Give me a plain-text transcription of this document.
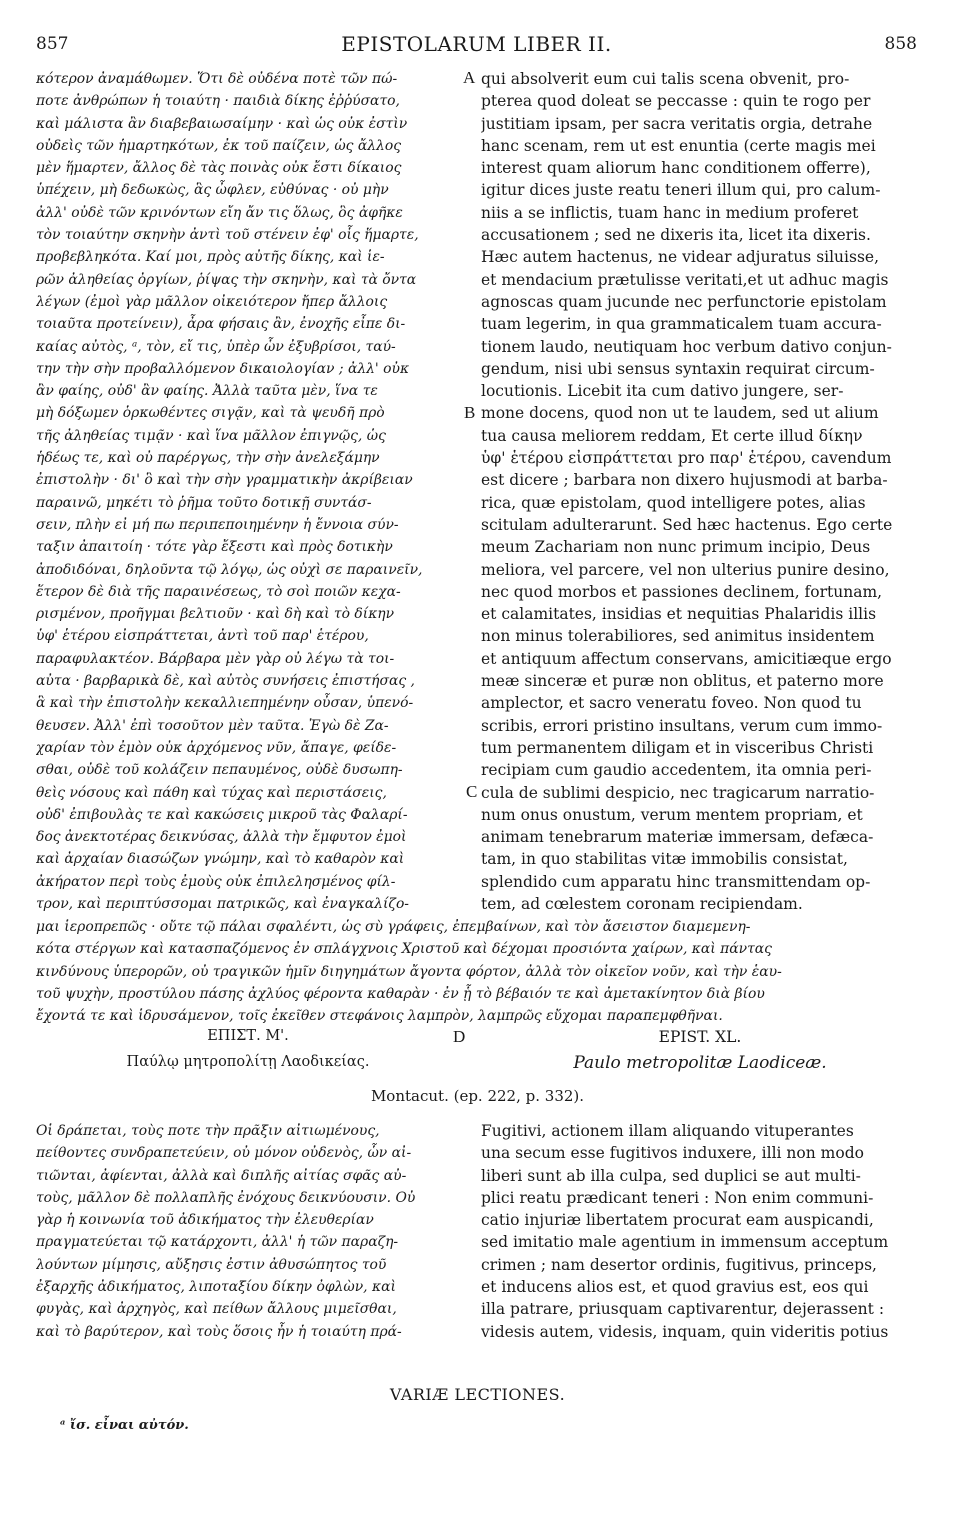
857	EPISTOLARUM LIBER II.	858
κότερον ἀναμάθωμεν. Ὅτι δὲ οὐδένα ποτὲ τῶν πώ-
ποτε ἀνθρώπων ἡ τοιαύτη · παιδιὰ δίκης ἐῤῥύσατο,
καὶ μάλιστα ἂν διαβεβαιωσαίμην · καὶ ὡς οὐκ ἐστὶν
οὐδεὶς τῶν ἡμαρτηκότων, ἐκ τοῦ παίζειν, ὡς ἄλλος
μὲν ἥμαρτεν, ἄλλος δὲ τὰς ποινὰς οὐκ ἔστι δίκαιος
ὑπέχειν, μὴ δεδωκὼς, ἃς ὦφλεν, εὐθύνας · οὐ μὴν
ἀλλ' οὐδὲ τῶν κρινόντων εἴη ἄν τις ὅλως, ὃς ἀφῆκε
τὸν τοιαύτην σκηνὴν ἀντὶ τοῦ στένειν ἐφ' οἷς ἥμαρτε,
προβεβληκότα. Καί μοι, πρὸς αὐτῆς δίκης, καὶ ἱε-
ρῶν ἀληθείας ὀργίων, ῥίψας τὴν σκηνὴν, καὶ τὰ ὄντα
λέγων (ἐμοὶ γὰρ μᾶλλον οἰκειότερον ἤπερ ἄλλοις
τοιαῦτα προτείνειν), ἆρα φήσαις ἂν, ἐνοχῆς εἶπε δι-
καίας αὐτὸς, ᵃ, τὸν, εἴ τις, ὑπὲρ ὧν ἐξυβρίσοι, ταύ-
την τὴν σὴν προβαλλόμενον δικαιολογίαν ; ἀλλ' οὐκ
ἂν φαίης, οὐδ' ἂν φαίης. Ἀλλὰ ταῦτα μὲν, ἵνα τε
μὴ δόξωμεν ὁρκωθέντες σιγᾷν, καὶ τὰ ψευδῆ πρὸ
τῆς ἀληθείας τιμᾷν · καὶ ἵνα μᾶλλον ἐπιγνῷς, ὡς
ἡδέως τε, καὶ οὐ παρέργως, τὴν σὴν ἀνελεξάμην
ἐπιστολὴν · δι' ὃ καὶ τὴν σὴν γραμματικὴν ἀκρίβειαν
παραινῶ, μηκέτι τὸ ῥῆμα τοῦτο δοτικῇ συντάσ-
σειν, πλὴν εἰ μή πω περιπεποιημένην ἡ ἔννοια σύν-
ταξιν ἀπαιτοίη · τότε γὰρ ἔξεστι καὶ πρὸς δοτικὴν
ἀποδιδόναι, δηλοῦντα τῷ λόγῳ, ὡς οὐχὶ σε παραινεῖν,
ἕτερον δὲ διὰ τῆς παραινέσεως, τὸ σοὶ ποιῶν κεχα-
ρισμένον, προῆγμαι βελτιοῦν · καὶ δὴ καὶ τὸ δίκην
ὑφ' ἑτέρου εἰσπράττεται, ἀντὶ τοῦ παρ' ἑτέρου,
παραφυλακτέον. Βάρβαρα μὲν γὰρ οὐ λέγω τὰ τοι-
αὐτα · βαρβαρικὰ δὲ, καὶ αὐτὸς συνήσεις ἐπιστήσας ,
ἃ καὶ τὴν ἐπιστολὴν κεκαλλιεπημένην οὖσαν, ὑπενό-
θευσεν. Ἀλλ' ἐπὶ τοσοῦτον μὲν ταῦτα. Ἐγὼ δὲ Ζα-
χαρίαν τὸν ἐμὸν οὐκ ἀρχόμενος νῦν, ἄπαγε, φείδε-
σθαι, οὐδὲ τοῦ κολάζειν πεπαυμένος, οὐδὲ δυσωπη-
θεὶς νόσους καὶ πάθη καὶ τύχας καὶ περιστάσεις,
οὐδ' ἐπιβουλὰς τε καὶ κακώσεις μικροῦ τὰς Φαλαρί-
δος ἀνεκτοτέρας δεικνύσας, ἀλλὰ τὴν ἔμφυτον ἐμοὶ
καὶ ἀρχαίαν διασώζων γνώμην, καὶ τὸ καθαρὸν καὶ
ἀκήρατον περὶ τοὺς ἐμοὺς οὐκ ἐπιλελησμένος φίλ-
τρον, καὶ περιπτύσσομαι πατρικῶς, καὶ ἐναγκαλίζο-
qui absolverit eum cui talis scena obvenit, pro-
pterea quod doleat se peccasse : quin te rogo per
justitiam ipsam, per sacra veritatis orgia, detrahe
hanc scenam, rem ut est enuntia (certe magis mei
interest quam aliorum hanc conditionem offerre),
igitur dices juste reatu teneri illum qui, pro calum-
niis a se inflictis, tuam hanc in medium proferet
accusationem ; sed ne dixeris ita, licet ita dixeris.
Hæc autem hactenus, ne videar adjuratus siluisse,
et mendacium prætulisse veritati,et ut adhuc magis
agnoscas quam jucunde nec perfunctorie epistolam
tuam legerim, in qua grammaticalem tuam accura-
tionem laudo, neutiquam hoc verbum dativo conjun-
gendum, nisi ubi sensus syntaxin requirat circum-
locutionis. Licebit ita cum dativo jungere, ser-
mone docens, quod non ut te laudem, sed ut alium
tua causa meliorem reddam, Et certe illud δίκην
ὑφ' ἑτέρου εἰσπράττεται pro παρ' ἑτέρου, cavendum
est dicere ; barbara non dixero hujusmodi at barba-
rica, quæ epistolam, quod intelligere potes, alias
scitulam adulterarunt. Sed hæc hactenus. Ego certe
meum Zachariam non nunc primum incipio, Deus
meliora, vel parcere, vel non ulterius punire desino,
nec quod morbos et passiones declinem, fortunam,
et calamitates, insidias et nequitias Phalaridis illis
non minus tolerabiliores, sed animitus insidentem
et antiquum affectum conservans, amicitiæque ergo
meæ sinceræ et puræ non oblitus, et paterno more
amplector, et sacro veneratu foveo. Non quod tu
scribis, errori pristino insultans, verum cum immo-
tum permanentem diligam et in visceribus Christi
recipiam cum gaudio accedentem, ita omnia peri-
cula de sublimi despicio, nec tragicarum narratio-
num onus onustum, verum mentem propriam, et
animam tenebrarum materiæ immersam, defæca-
tam, in quo stabilitas vitæ immobilis consistat,
splendido cum apparatu hinc transmittendam op-
tem, ad cœlestem coronam recipiendam.
A
B
C
μαι ἱεροπρεπῶς · οὔτε τῷ πάλαι σφαλέντι, ὡς σὺ γράφεις, ἐπεμβαίνων, καὶ τὸν ἄσειστον διαμεμενη-
κότα στέργων καὶ κατασπαζόμενος ἐν σπλάγχνοις Χριστοῦ καὶ δέχομαι προσιόντα χαίρων, καὶ πάντας
κινδύνους ὑπερορῶν, οὐ τραγικῶν ἡμῖν διηγημάτων ἄγοντα φόρτον, ἀλλὰ τὸν οἰκεῖον νοῦν, καὶ τὴν ἑαυ-
τοῦ ψυχὴν, προστύλου πάσης ἀχλύος φέροντα καθαρὰν · ἐν ᾗ τὸ βέβαιόν τε καὶ ἀμετακίνητον διὰ βίου
ἔχοντά τε καὶ ἱδρυσάμενον, τοῖς ἐκεῖθεν στεφάνοις λαμπρὸν, λαμπρῶς εὔχομαι παραπεμφθῆναι.
ΕΠΙΣΤ. Μ'.	D	EPIST. XL.
Παύλῳ μητροπολίτῃ Λαοδικείας.	Paulo metropolitæ Laodiceæ.
Montacut. (ep. 222, p. 332).
Οἱ δράπεται, τοὺς ποτε τὴν πρᾶξιν αἰτιωμένους,
πείθοντες συνδραπετεύειν, οὐ μόνον οὐδενὸς, ὧν αἰ-
τιῶνται, ἀφίενται, ἀλλὰ καὶ διπλῆς αἰτίας σφᾶς αὐ-
τοὺς, μᾶλλον δὲ πολλαπλῆς ἐνόχους δεικνύουσιν. Οὐ
γὰρ ἡ κοινωνία τοῦ ἀδικήματος τὴν ἐλευθερίαν
πραγματεύεται τῷ κατάρχοντι, ἀλλ' ἡ τῶν παραζη-
λούντων μίμησις, αὔξησις ἐστιν ἀθυσώπητος τοῦ
ἐξαρχῆς ἀδικήματος, λιποταξίου δίκην ὀφλὼν, καὶ
φυγὰς, καὶ ἀρχηγὸς, καὶ πείθων ἄλλους μιμεῖσθαι,
καὶ τὸ βαρύτερον, καὶ τοὺς ὅσοις ἦν ἡ τοιαύτη πρά-
Fugitivi, actionem illam aliquando vituperantes
una secum esse fugitivos induxere, illi non modo
liberi sunt ab illa culpa, sed duplici se aut multi-
plici reatu prædicant teneri : Non enim communi-
catio injuriæ libertatem procurat eam auspicandi,
sed imitatio male agentium in immensum acceptum
crimen ; nam desertor ordinis, fugitivus, princeps,
et inducens alios est, et quod gravius est, eos qui
illa patrare, priusquam captivarentur, dejerassent :
videsis autem, videsis, inquam, quin videritis potius
VARIÆ LECTIONES.
ᵃ ἴσ. εἶναι αὐτόν.
